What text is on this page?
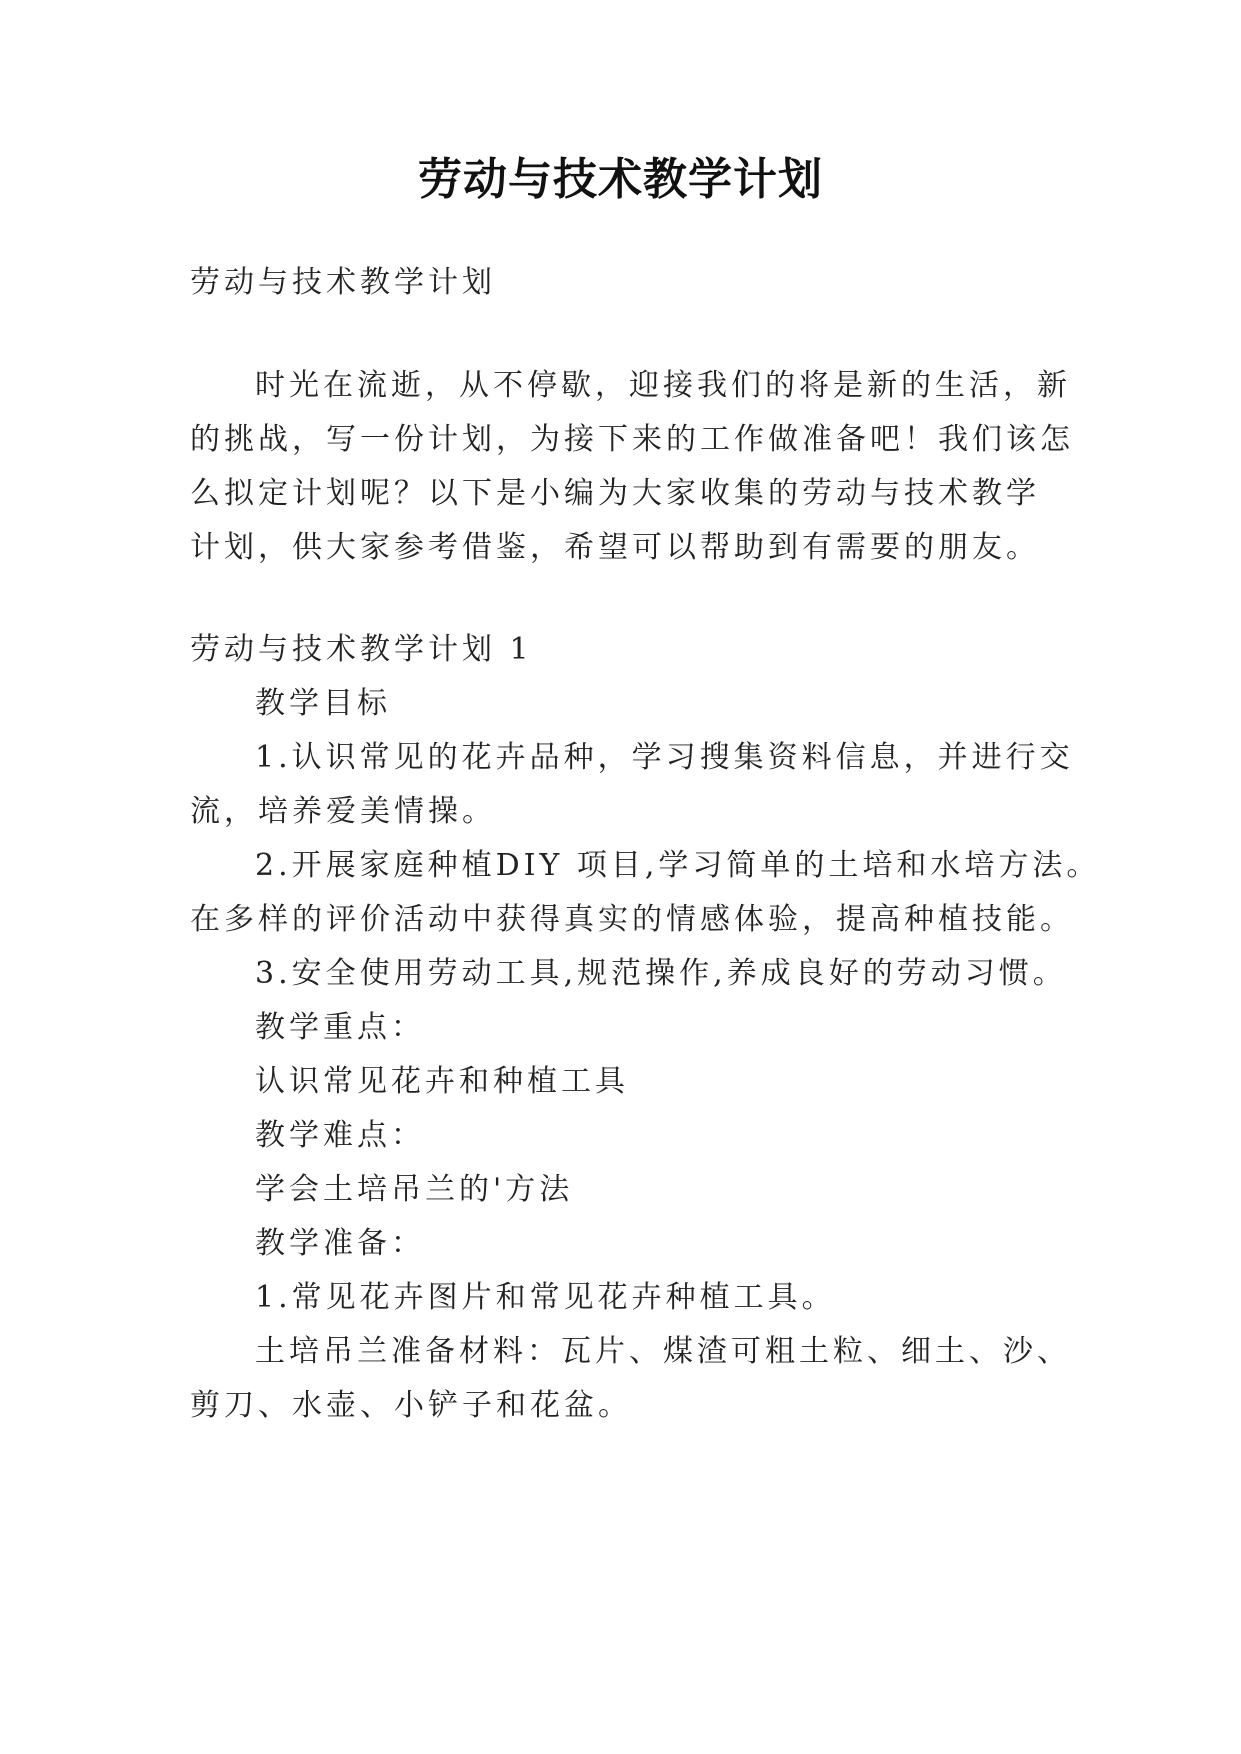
劳动与技术教学计划
劳动与技术教学计划
时光在流逝，从不停歇，迎接我们的将是新的生活，新
的挑战，写一份计划，为接下来的工作做准备吧！我们该怎
么拟定计划呢？以下是小编为大家收集的劳动与技术教学
计划，供大家参考借鉴，希望可以帮助到有需要的朋友。
劳动与技术教学计划 1
教学目标
1.认识常见的花卉品种，学习搜集资料信息，并进行交
流，培养爱美情操。
2.开展家庭种植DIY 项目,学习简单的土培和水培方法。
在多样的评价活动中获得真实的情感体验，提高种植技能。
3.安全使用劳动工具,规范操作,养成良好的劳动习惯。
教学重点：
认识常见花卉和种植工具
教学难点：
学会土培吊兰的'方法
教学准备：
1.常见花卉图片和常见花卉种植工具。
土培吊兰准备材料：瓦片、煤渣可粗土粒、细土、沙、
剪刀、水壶、小铲子和花盆。
